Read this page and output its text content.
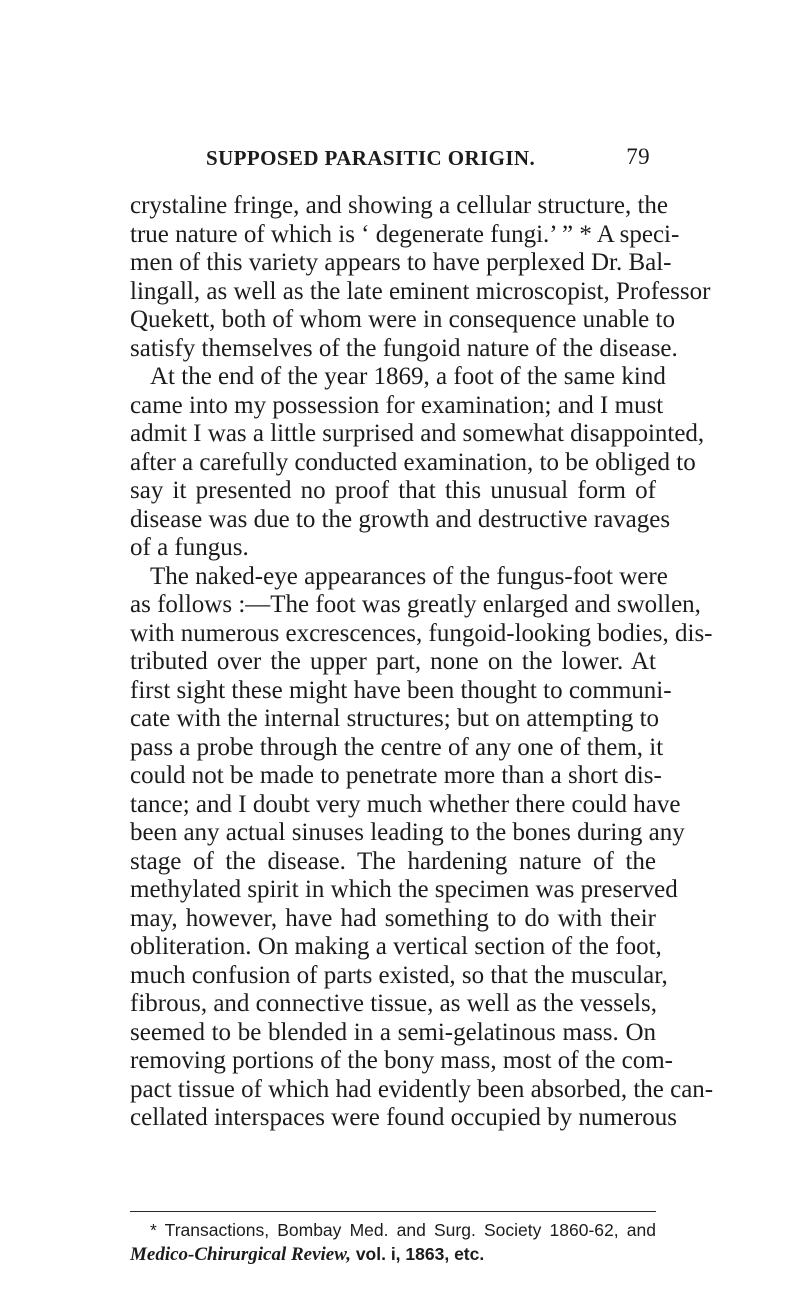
SUPPOSED PARASITIC ORIGIN.	79
crystaline fringe, and showing a cellular structure, the
true nature of which is ‘ degenerate fungi.’ ” * A speci-
men of this variety appears to have perplexed Dr. Bal-
lingall, as well as the late eminent microscopist, Professor
Quekett, both of whom were in consequence unable to
satisfy themselves of the fungoid nature of the disease.
At the end of the year 1869, a foot of the same kind
came into my possession for examination; and I must
admit I was a little surprised and somewhat disappointed,
after a carefully conducted examination, to be obliged to
say it presented no proof that this unusual form of
disease was due to the growth and destructive ravages
of a fungus.
The naked-eye appearances of the fungus-foot were
as follows :—The foot was greatly enlarged and swollen,
with numerous excrescences, fungoid-looking bodies, dis-
tributed over the upper part, none on the lower. At
first sight these might have been thought to communi-
cate with the internal structures; but on attempting to
pass a probe through the centre of any one of them, it
could not be made to penetrate more than a short dis-
tance; and I doubt very much whether there could have
been any actual sinuses leading to the bones during any
stage of the disease. The hardening nature of the
methylated spirit in which the specimen was preserved
may, however, have had something to do with their
obliteration. On making a vertical section of the foot,
much confusion of parts existed, so that the muscular,
fibrous, and connective tissue, as well as the vessels,
seemed to be blended in a semi-gelatinous mass. On
removing portions of the bony mass, most of the com-
pact tissue of which had evidently been absorbed, the can-
cellated interspaces were found occupied by numerous
* Transactions, Bombay Med. and Surg. Society 1860-62, and
Medico-Chirurgical Review, vol. i, 1863, etc.
